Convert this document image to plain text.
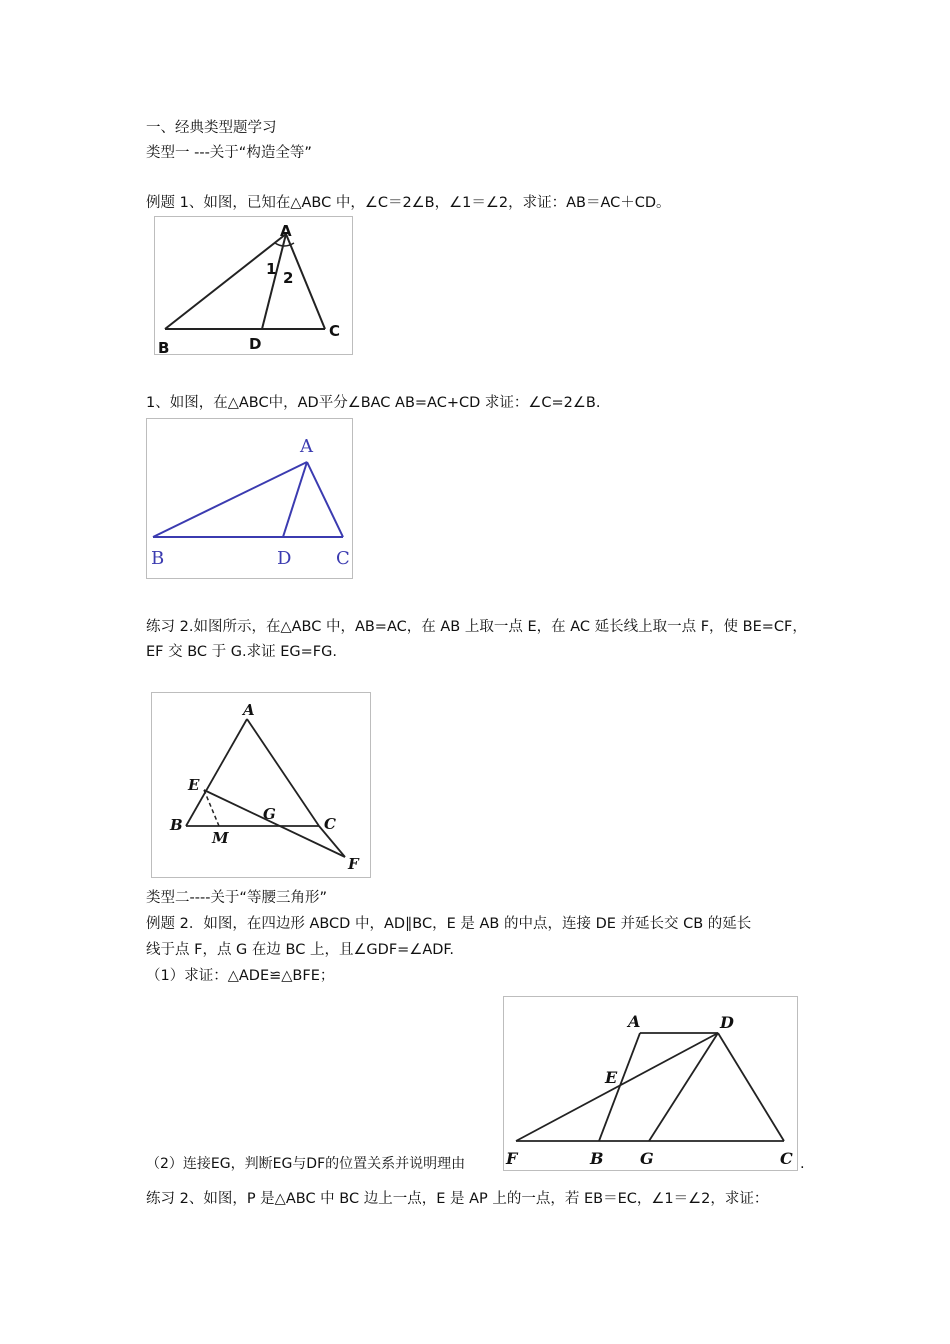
一、经典类型题学习
类型一 ---关于“构造全等”
例题 1、如图，已知在△ABC 中，∠C＝2∠B，∠1＝∠2，求证：AB＝AC＋CD。
A
1 2
B	D
C
1、如图，在△ABC中，AD平分∠BAC AB=AC+CD 求证：∠C=2∠B.
A
B	D C
练习 2.如图所示，在△ABC 中，AB=AC，在 AB 上取一点 E，在 AC 延长线上取一点 F，使 BE=CF，
EF 交 BC 于 G.求证 EG=FG.
A
E
G
B	C
M
F
类型二----关于“等腰三角形”
例题 2．如图，在四边形 ABCD 中，AD∥BC，E 是 AB 的中点，连接 DE 并延长交 CB 的延长
线于点 F，点 G 在边 BC 上，且∠GDF=∠ADF.
（1）求证：△ADE≌△BFE；
A	D
E
F	B G	C
（2）连接EG，判断EG与DF的位置关系并说明理由	.
练习 2、如图，P 是△ABC 中 BC 边上一点，E 是 AP 上的一点，若 EB＝EC，∠1＝∠2，求证：
